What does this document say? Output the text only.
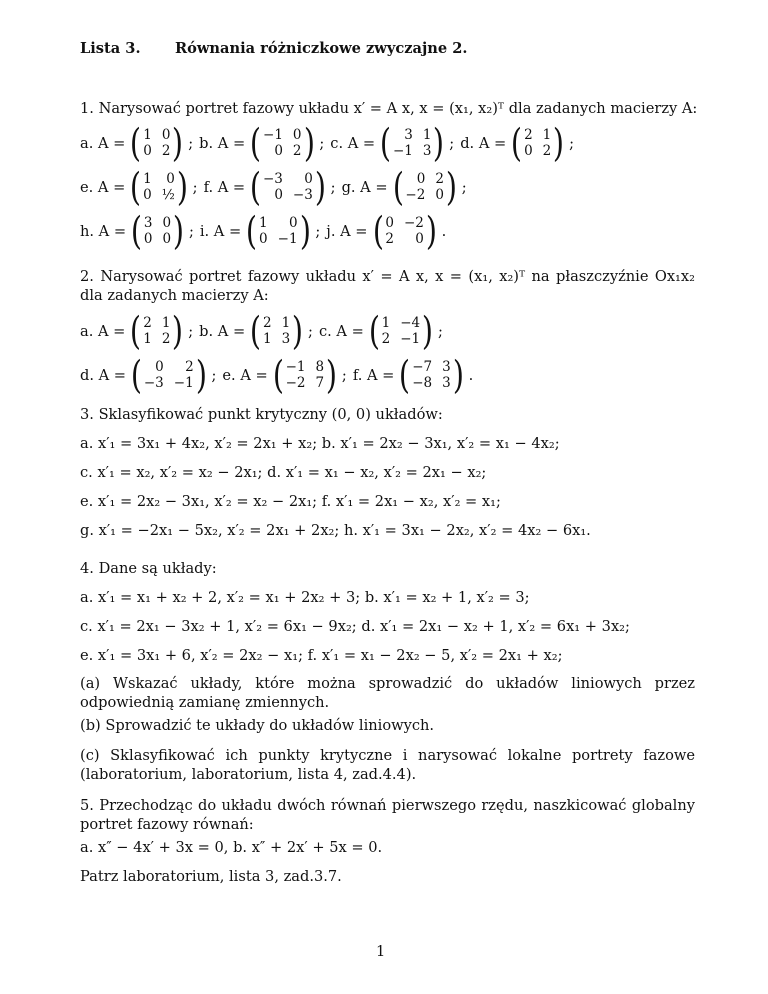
Lista 3. Równania różniczkowe zwyczajne 2.
1. Narysować portret fazowy układu x′ = A x, x = (x₁, x₂)ᵀ dla zadanych macierzy A:
a. A = ( 1 0
0 2 ) ; b. A = ( −1 0
0 2 ) ; c. A = ( 3 1
−1 3 ) ; d. A = ( 2 1
0 2 ) ;
e. A = ( 1	0
0 ½ ) ; f. A = ( −3	0
0 −3 ) ; g. A = ( 0 2
−2 0 ) ;
h. A = ( 3 0
0 0 ) ; i. A = ( 1	0
0 −1 ) ; j. A = ( 0 −2
2	0 ) .
2. Narysować portret fazowy układu x′ = A x, x = (x₁, x₂)ᵀ na płaszczyźnie Ox₁x₂ dla zadanych macierzy A:
a. A = ( 2 1
1 2 ) ; b. A = ( 2 1
1 3 ) ; c. A = ( 1 −4
2 −1 ) ;
d. A = ( 0	2
−3 −1 ) ; e. A = ( −1 8
−2 7 ) ; f. A = ( −7 3
−8 3 ) .
3. Sklasyfikować punkt krytyczny (0, 0) układów:
a. x′₁ = 3x₁ + 4x₂, x′₂ = 2x₁ + x₂; b. x′₁ = 2x₂ − 3x₁, x′₂ = x₁ − 4x₂;
c. x′₁ = x₂, x′₂ = x₂ − 2x₁; d. x′₁ = x₁ − x₂, x′₂ = 2x₁ − x₂;
e. x′₁ = 2x₂ − 3x₁, x′₂ = x₂ − 2x₁; f. x′₁ = 2x₁ − x₂, x′₂ = x₁;
g. x′₁ = −2x₁ − 5x₂, x′₂ = 2x₁ + 2x₂; h. x′₁ = 3x₁ − 2x₂, x′₂ = 4x₂ − 6x₁.
4. Dane są układy:
a. x′₁ = x₁ + x₂ + 2, x′₂ = x₁ + 2x₂ + 3; b. x′₁ = x₂ + 1, x′₂ = 3;
c. x′₁ = 2x₁ − 3x₂ + 1, x′₂ = 6x₁ − 9x₂; d. x′₁ = 2x₁ − x₂ + 1, x′₂ = 6x₁ + 3x₂;
e. x′₁ = 3x₁ + 6, x′₂ = 2x₂ − x₁; f. x′₁ = x₁ − 2x₂ − 5, x′₂ = 2x₁ + x₂;
(a) Wskazać układy, które można sprowadzić do układów liniowych przez odpowiednią zamianę zmiennych.
(b) Sprowadzić te układy do układów liniowych.
(c) Sklasyfikować ich punkty krytyczne i narysować lokalne portrety fazowe (laboratorium, laboratorium, lista 4, zad.4.4).
5. Przechodząc do układu dwóch równań pierwszego rzędu, naszkicować globalny portret fazowy równań:
a. x″ − 4x′ + 3x = 0, b. x″ + 2x′ + 5x = 0.
Patrz laboratorium, lista 3, zad.3.7.
1
